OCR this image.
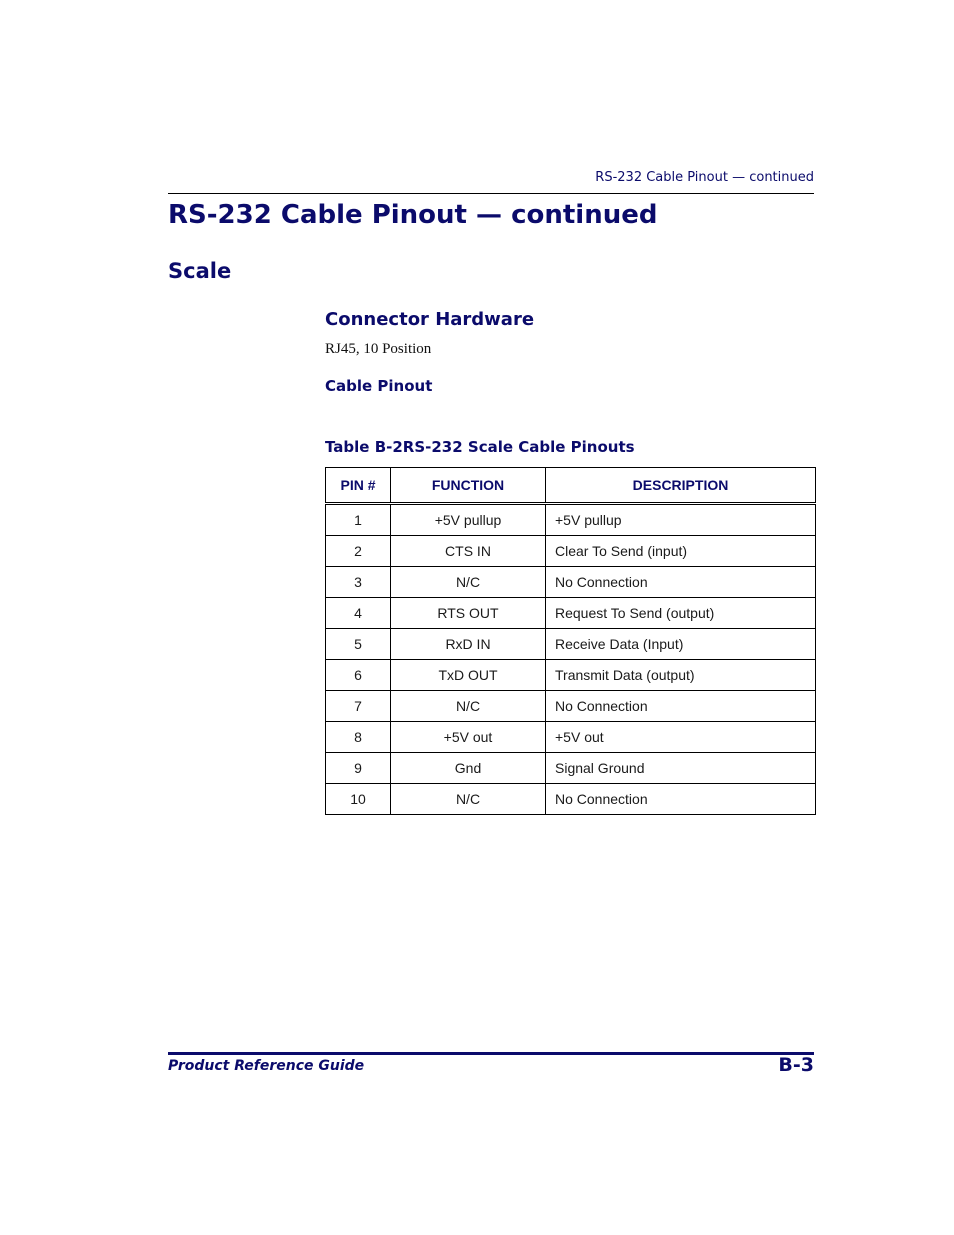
RS-232 Cable Pinout — continued
RS-232 Cable Pinout — continued
Scale
Connector Hardware
RJ45, 10 Position
Cable Pinout

Table B-2RS-232 Scale Cable Pinouts

PIN #	FUNCTION	DESCRIPTION
1	+5V pullup	+5V pullup
2	CTS IN	Clear To Send (input)
3	N/C	No Connection
4	RTS OUT	Request To Send (output)
5	RxD IN	Receive Data (Input)
6	TxD OUT	Transmit Data (output)
7	N/C	No Connection
8	+5V out	+5V out
9	Gnd	Signal Ground
10	N/C	No Connection
Product Reference Guide	B-3
